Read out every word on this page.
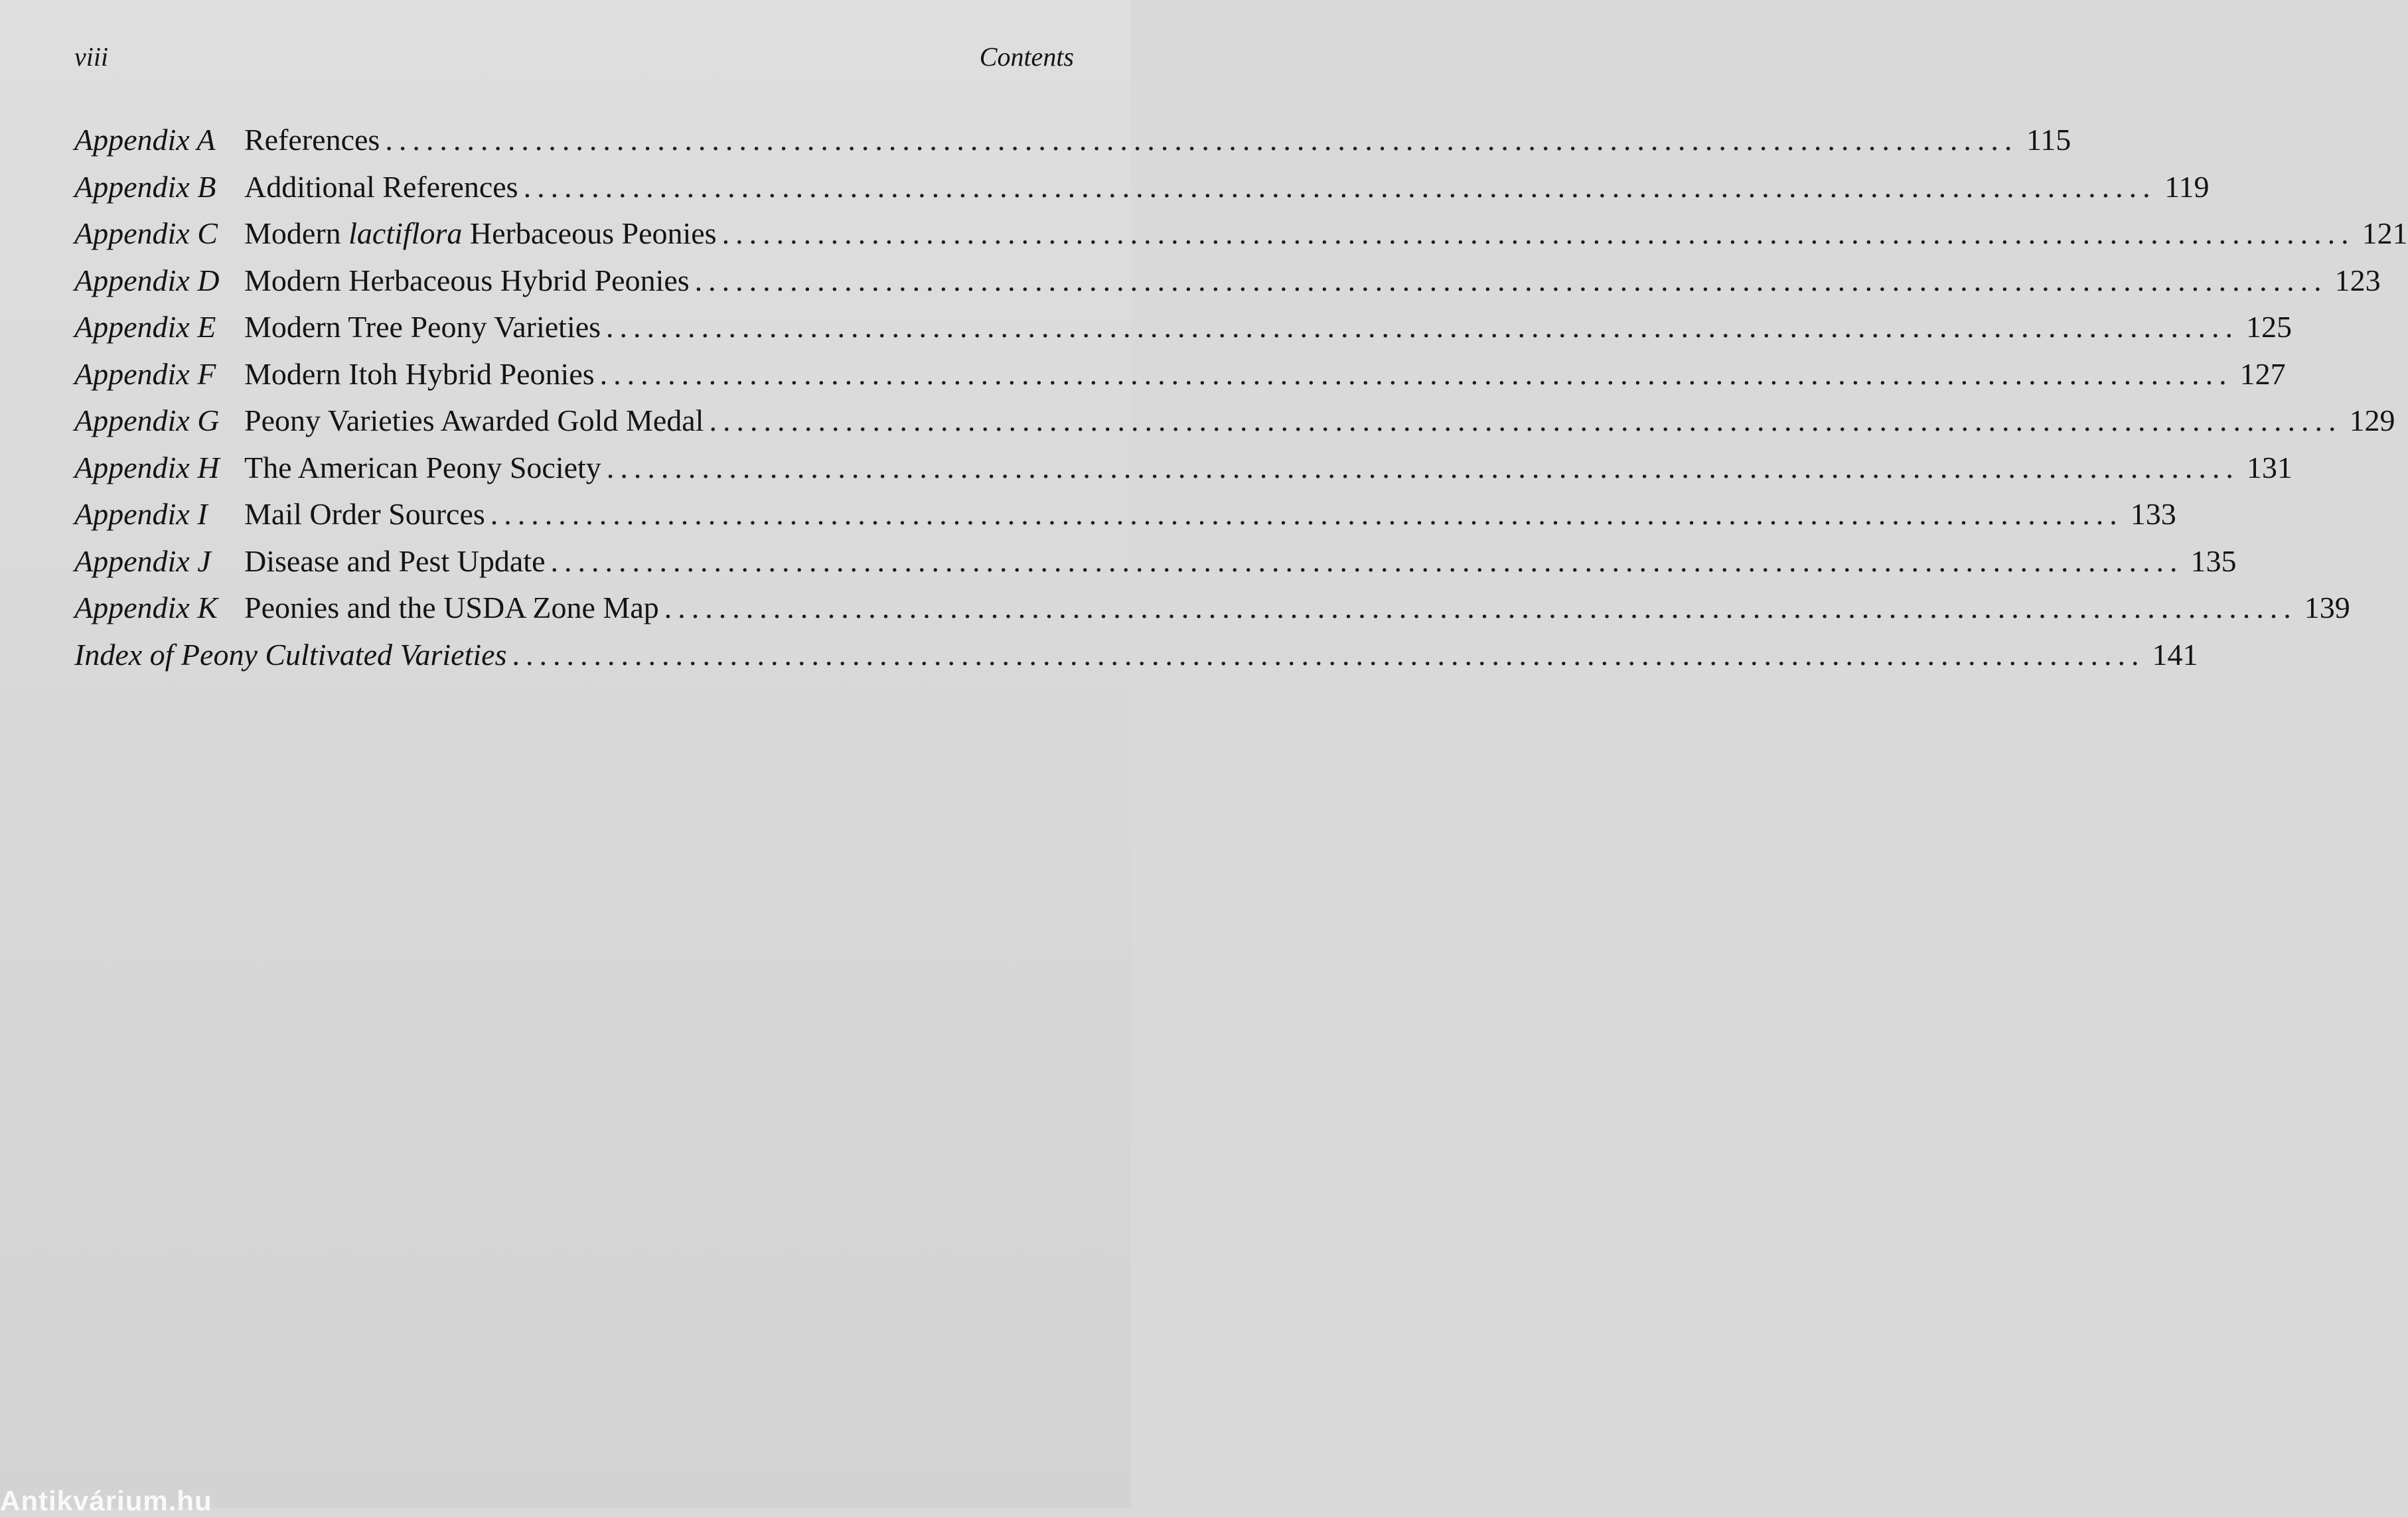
viii	Contents
Appendix A References ........................................................................................................................ 115
Appendix B Additional References ........................................................................................................................ 119
Appendix C Modern lactiflora Herbaceous Peonies ........................................................................................................................ 121
Appendix D Modern Herbaceous Hybrid Peonies ........................................................................................................................ 123
Appendix E Modern Tree Peony Varieties ........................................................................................................................ 125
Appendix F Modern Itoh Hybrid Peonies ........................................................................................................................ 127
Appendix G Peony Varieties Awarded Gold Medal ........................................................................................................................ 129
Appendix H The American Peony Society ........................................................................................................................ 131
Appendix I	Mail Order Sources ........................................................................................................................ 133
Appendix J	Disease and Pest Update ........................................................................................................................ 135
Appendix K Peonies and the USDA Zone Map ........................................................................................................................ 139
Index of Peony Cultivated Varieties ........................................................................................................................ 141
Antikvárium.hu
